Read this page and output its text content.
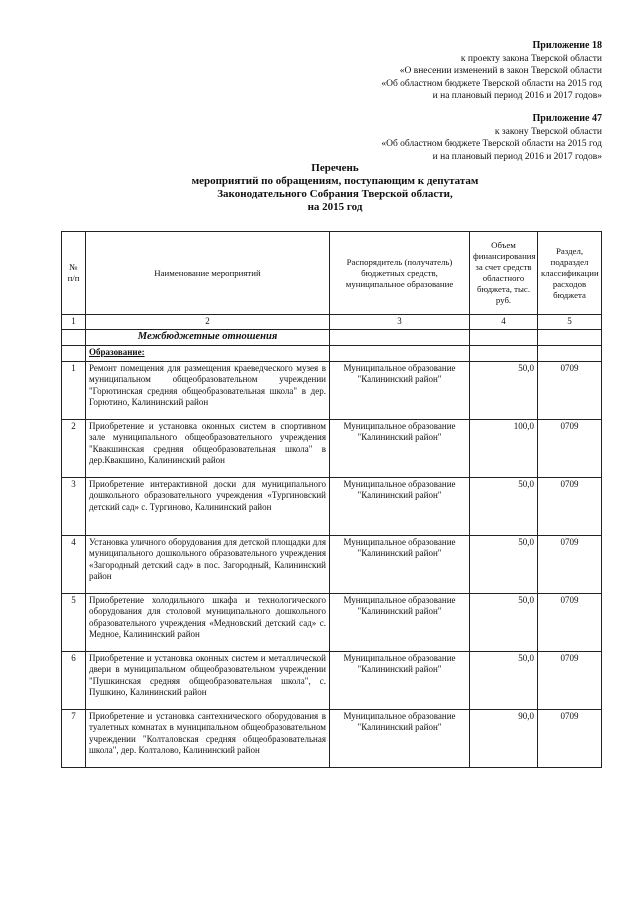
Приложение 18
к проекту закона Тверской области
«О внесении изменений в закон Тверской области
«Об областном бюджете Тверской области на 2015 год
и на плановый период 2016 и 2017 годов»
Приложение 47
к закону Тверской области
«Об областном бюджете Тверской области на 2015 год
и на плановый период 2016 и 2017 годов»
Перечень
мероприятий по обращениям, поступающим к депутатам
Законодательного Собрания Тверской области,
на 2015 год
№ п/п	Наименование мероприятий	Распорядитель (получатель) бюджетных средств, муниципальное образование	Объем финансирования за счет средств областного бюджета, тыс. руб.	Раздел, подраздел классификации расходов бюджета
1	2	3	4	5
	Межбюджетные отношения			
	Образование:			
1	Ремонт помещения для размещения краеведческого музея в муниципальном общеобразовательном учреждении "Горютинская средняя общеобразовательная школа" в дер. Горютино, Калининский район	Муниципальное образование "Калининский район"	50,0	0709
2	Приобретение и установка оконных систем в спортивном зале муниципального общеобразовательного учреждения "Квакшинская средняя общеобразовательная школа" в дер.Квакшино, Калининский район	Муниципальное образование "Калининский район"	100,0	0709
3	Приобретение интерактивной доски для муниципального дошкольного образовательного учреждения «Тургиновский детский сад» с. Тургиново, Калининский район	Муниципальное образование "Калининский район"	50,0	0709
4	Установка уличного оборудования для детской площадки для муниципального дошкольного образовательного учреждения «Загородный детский сад» в пос. Загородный, Калининский район	Муниципальное образование "Калининский район"	50,0	0709
5	Приобретение холодильного шкафа и технологического оборудования для столовой муниципального дошкольного образовательного учреждения «Медновский детский сад» с. Медное, Калининский район	Муниципальное образование "Калининский район"	50,0	0709
6	Приобретение и установка оконных систем и металлической двери в муниципальном общеобразовательном учреждении "Пушкинская средняя общеобразовательная школа", с. Пушкино, Калининский район	Муниципальное образование "Калининский район"	50,0	0709
7	Приобретение и установка сантехнического оборудования в туалетных комнатах в муниципальном общеобразовательном учреждении "Колталовская средняя общеобразовательная школа", дер. Колталово, Калининский район	Муниципальное образование "Калининский район"	90,0	0709
